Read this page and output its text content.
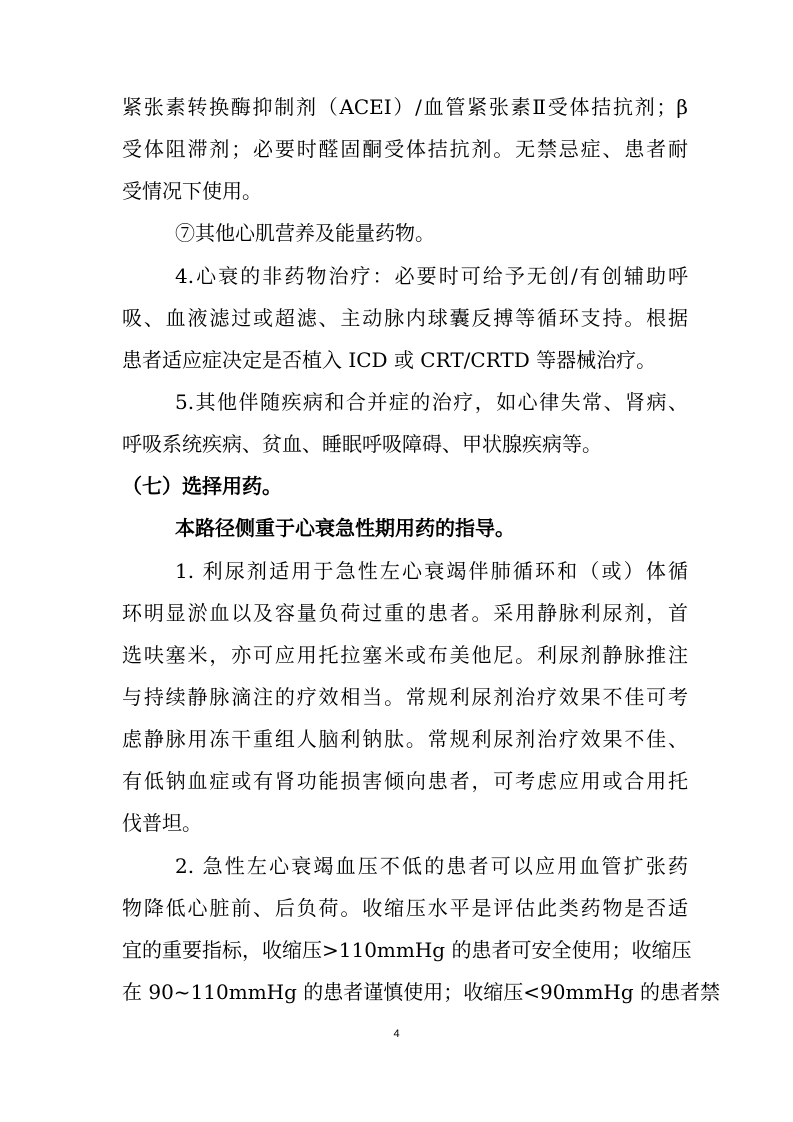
紧张素转换酶抑制剂（ACEI）/血管紧张素Ⅱ受体拮抗剂；β
受体阻滞剂；必要时醛固酮受体拮抗剂。无禁忌症、患者耐
受情况下使用。
⑦其他心肌营养及能量药物。
4.心衰的非药物治疗：必要时可给予无创/有创辅助呼
吸、血液滤过或超滤、主动脉内球囊反搏等循环支持。根据
患者适应症决定是否植入 ICD 或 CRT/CRTD 等器械治疗。
5.其他伴随疾病和合并症的治疗，如心律失常、肾病、
呼吸系统疾病、贫血、睡眠呼吸障碍、甲状腺疾病等。
（七）选择用药。
本路径侧重于心衰急性期用药的指导。
1. 利尿剂适用于急性左心衰竭伴肺循环和（或）体循
环明显淤血以及容量负荷过重的患者。采用静脉利尿剂，首
选呋塞米，亦可应用托拉塞米或布美他尼。利尿剂静脉推注
与持续静脉滴注的疗效相当。常规利尿剂治疗效果不佳可考
虑静脉用冻干重组人脑利钠肽。常规利尿剂治疗效果不佳、
有低钠血症或有肾功能损害倾向患者，可考虑应用或合用托
伐普坦。
2. 急性左心衰竭血压不低的患者可以应用血管扩张药
物降低心脏前、后负荷。收缩压水平是评估此类药物是否适
宜的重要指标，收缩压>110mmHg 的患者可安全使用；收缩压
在 90~110mmHg 的患者谨慎使用；收缩压<90mmHg 的患者禁
4
